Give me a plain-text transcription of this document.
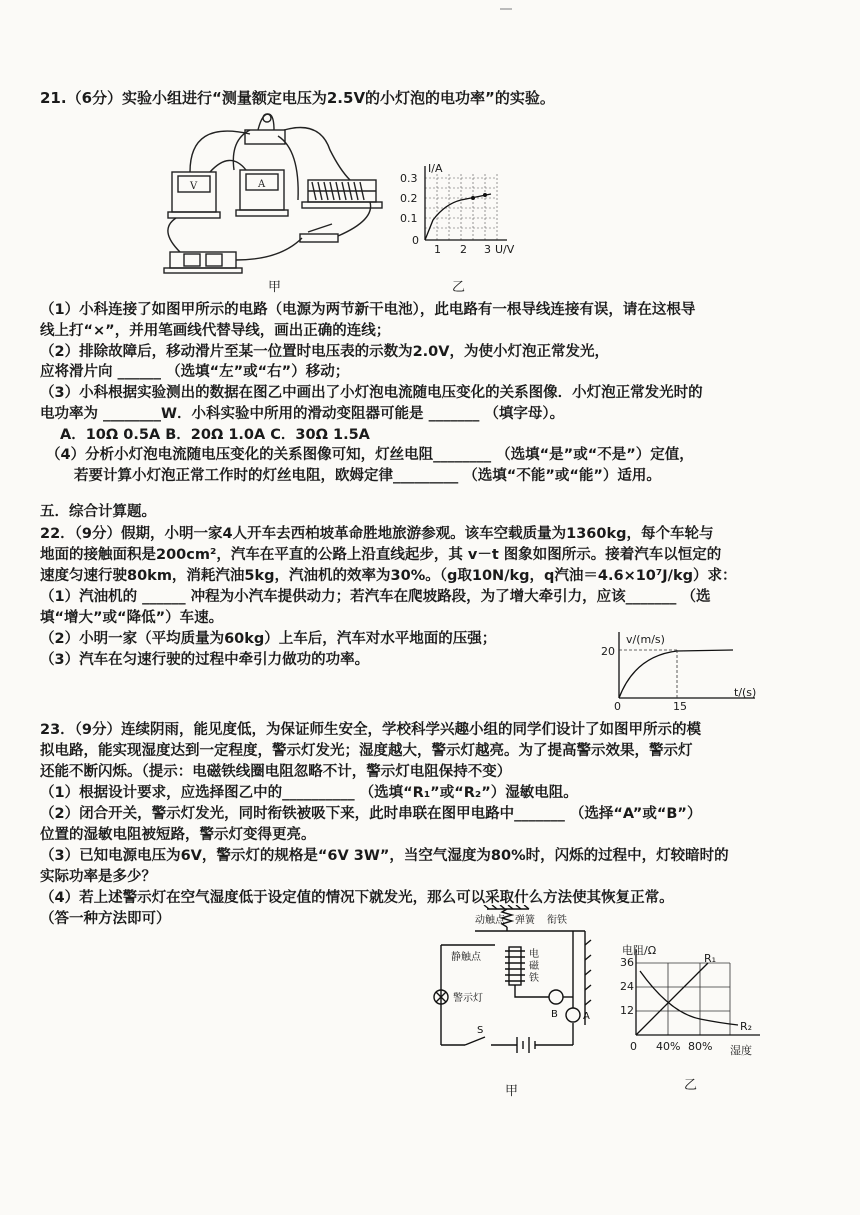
21.（6分）实验小组进行“测量额定电压为2.5V的小灯泡的电功率”的实验。
V	A
I/A
0.3
0.2
0.1
0
1 2 3 U/V
甲	乙
（1）小科连接了如图甲所示的电路（电源为两节新干电池），此电路有一根导线连接有误，请在这根导
线上打“×”，并用笔画线代替导线，画出正确的连线；
（2）排除故障后，移动滑片至某一位置时电压表的示数为2.0V，为使小灯泡正常发光，
应将滑片向 ______ （选填“左”或“右”）移动；
（3）小科根据实验测出的数据在图乙中画出了小灯泡电流随电压变化的关系图像．小灯泡正常发光时的
电功率为 ________W．小科实验中所用的滑动变阻器可能是 _______ （填字母）。
A．10Ω 0.5A B．20Ω 1.0A C．30Ω 1.5A
（4）分析小灯泡电流随电压变化的关系图像可知，灯丝电阻________ （选填“是”或“不是”）定值，
若要计算小灯泡正常工作时的灯丝电阻，欧姆定律_________ （选填“不能”或“能”）适用。
五．综合计算题。
22．（9分）假期，小明一家4人开车去西柏坡革命胜地旅游参观。该车空载质量为1360kg，每个车轮与
地面的接触面积是200cm²，汽车在平直的公路上沿直线起步，其 v－t 图象如图所示。接着汽车以恒定的
速度匀速行驶80km，消耗汽油5kg，汽油机的效率为30%。（g取10N/kg，q汽油＝4.6×10⁷J/kg）求：
（1）汽油机的 ______ 冲程为小汽车提供动力；若汽车在爬坡路段，为了增大牵引力，应该_______ （选
填“增大”或“降低”）车速。
（2）小明一家（平均质量为60kg）上车后，汽车对水平地面的压强；
（3）汽车在匀速行驶的过程中牵引力做功的功率。
v/(m/s)
20
0	15
t/(s)
23．（9分）连续阴雨，能见度低，为保证师生安全，学校科学兴趣小组的同学们设计了如图甲所示的模
拟电路，能实现湿度达到一定程度，警示灯发光；湿度越大，警示灯越亮。为了提高警示效果，警示灯
还能不断闪烁。（提示：电磁铁线圈电阻忽略不计，警示灯电阻保持不变）
（1）根据设计要求，应选择图乙中的__________ （选填“R₁”或“R₂”）湿敏电阻。
（2）闭合开关，警示灯发光，同时衔铁被吸下来，此时串联在图甲电路中_______ （选择“A”或“B”）
位置的湿敏电阻被短路，警示灯变得更亮。
（3）已知电源电压为6V，警示灯的规格是“6V 3W”，当空气湿度为80%时，闪烁的过程中，灯较暗时的
实际功率是多少？
（4）若上述警示灯在空气湿度低于设定值的情况下就发光，那么可以采取什么方法使其恢复正常。
（答一种方法即可）	动触点 弹簧 衔铁
静触点	电
磁
铁
警示灯
S
B	A
甲
电阻/Ω
R₁
R₂
36
24
12
0 40% 80% 湿度
乙
